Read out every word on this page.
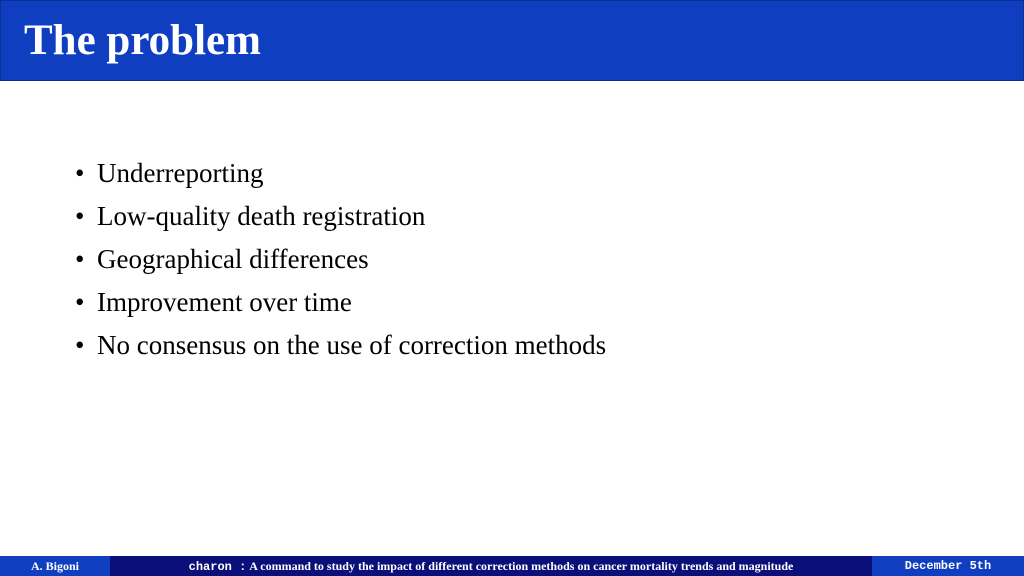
The problem
• Underreporting
• Low-quality death registration
• Geographical differences
• Improvement over time
• No consensus on the use of correction methods
A. Bigoni	charon : A command to study the impact of different correction methods on cancer mortality trends and magnitude	December 5th
